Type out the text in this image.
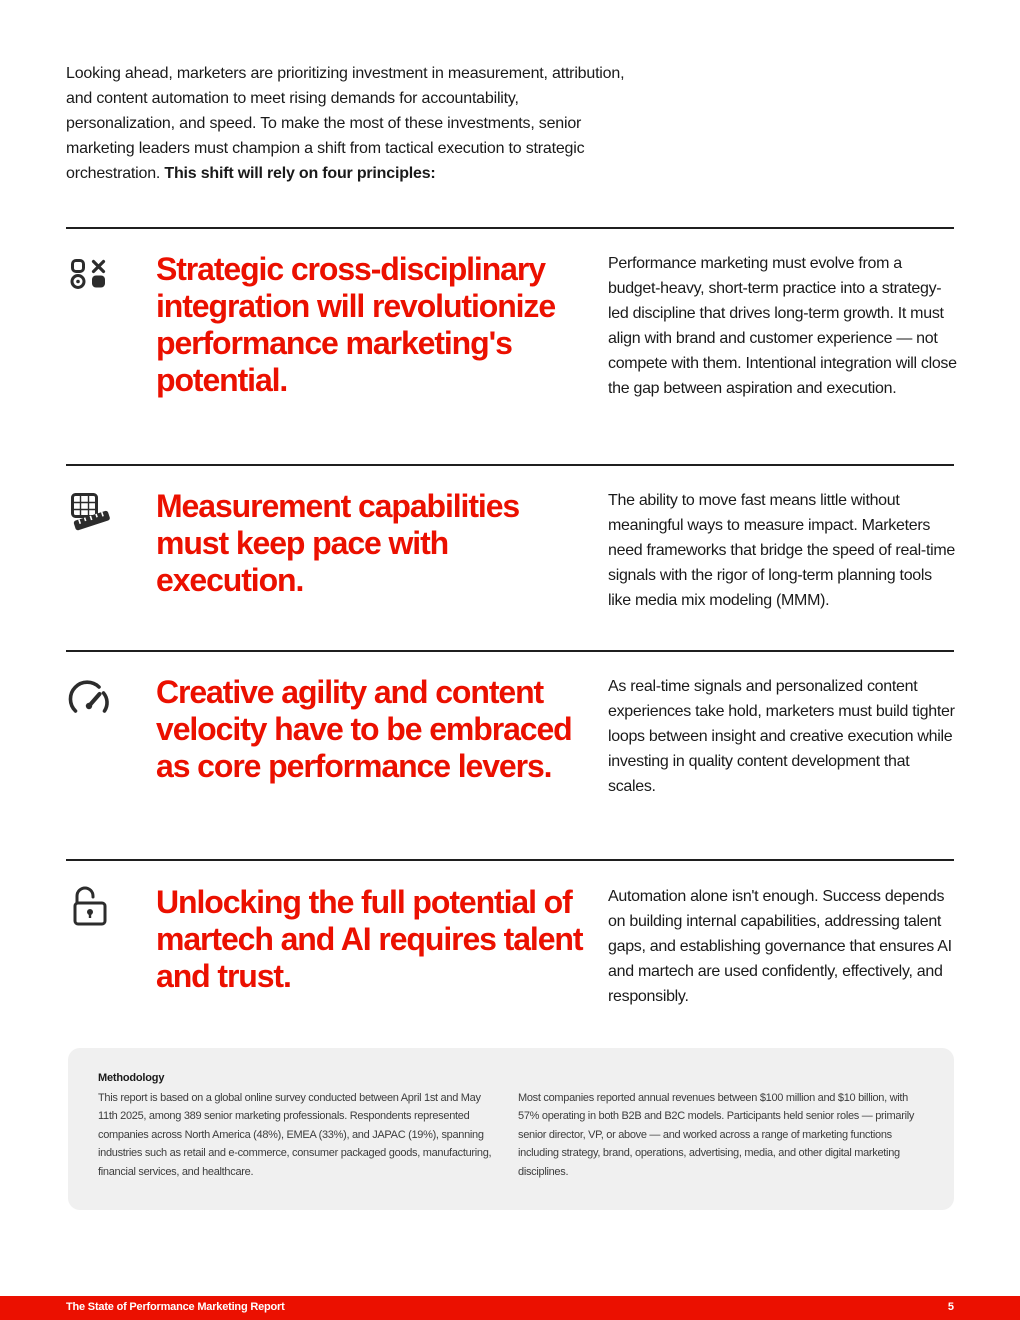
Looking ahead, marketers are prioritizing investment in measurement, attribution, and content automation to meet rising demands for accountability, personalization, and speed. To make the most of these investments, senior marketing leaders must champion a shift from tactical execution to strategic orchestration. This shift will rely on four principles:

Strategic cross-disciplinary integration will revolutionize performance marketing's potential.

Performance marketing must evolve from a budget-heavy, short-term practice into a strategy-led discipline that drives long-term growth. It must align with brand and customer experience — not compete with them. Intentional integration will close the gap between aspiration and execution.

Measurement capabilities must keep pace with execution.

The ability to move fast means little without meaningful ways to measure impact. Marketers need frameworks that bridge the speed of real-time signals with the rigor of long-term planning tools like media mix modeling (MMM).

Creative agility and content velocity have to be embraced as core performance levers.

As real-time signals and personalized content experiences take hold, marketers must build tighter loops between insight and creative execution while investing in quality content development that scales.

Unlocking the full potential of martech and AI requires talent and trust.

Automation alone isn't enough. Success depends on building internal capabilities, addressing talent gaps, and establishing governance that ensures AI and martech are used confidently, effectively, and responsibly.

Methodology

This report is based on a global online survey conducted between April 1st and May 11th 2025, among 389 senior marketing professionals. Respondents represented companies across North America (48%), EMEA (33%), and JAPAC (19%), spanning industries such as retail and e-commerce, consumer packaged goods, manufacturing, financial services, and healthcare.

Most companies reported annual revenues between $100 million and $10 billion, with 57% operating in both B2B and B2C models. Participants held senior roles — primarily senior director, VP, or above — and worked across a range of marketing functions including strategy, brand, operations, advertising, media, and other digital marketing disciplines.

The State of Performance Marketing Report	5
